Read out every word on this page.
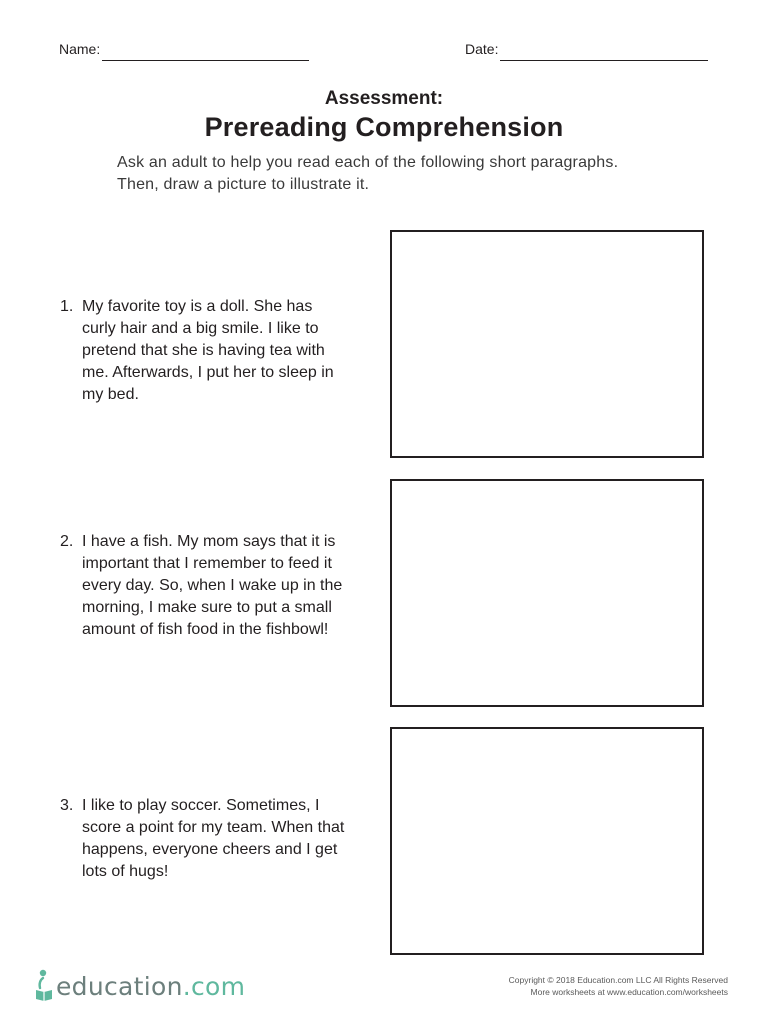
Name:	Date:
Assessment:
Prereading Comprehension
Ask an adult to help you read each of the following short paragraphs.
Then, draw a picture to illustrate it.
1. My favorite toy is a doll. She has
curly hair and a big smile. I like to
pretend that she is having tea with
me. Afterwards, I put her to sleep in
my bed.
2. I have a fish. My mom says that it is
important that I remember to feed it
every day. So, when I wake up in the
morning, I make sure to put a small
amount of fish food in the fishbowl!
3. I like to play soccer. Sometimes, I
score a point for my team. When that
happens, everyone cheers and I get
lots of hugs!
education.com	Copyright © 2018 Education.com LLC All Rights Reserved
More worksheets at www.education.com/worksheets
